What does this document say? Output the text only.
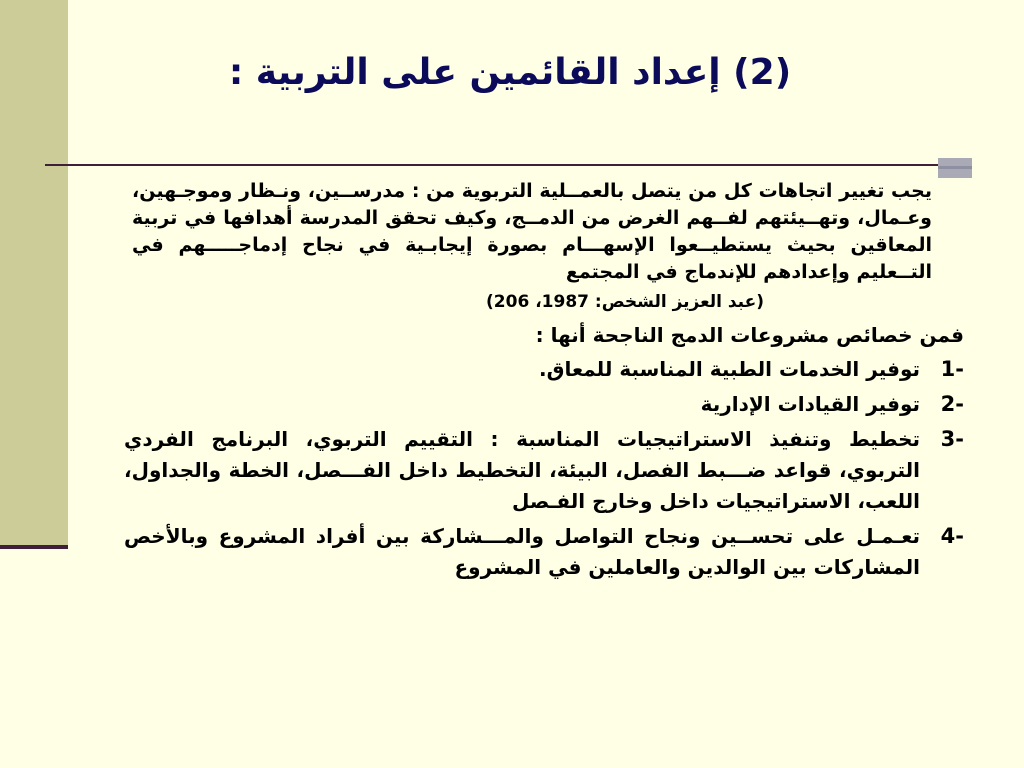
(2) إعداد القائمين على التربية :
يجب تغيير اتجاهات كل من يتصل بالعمــلية التربوية من : مدرســين، ونـظار وموجـهين، وعـمال، وتهــيئتهم لفــهم الغرض من الدمــج، وكيف تحقق المدرسة أهدافها في تربية المعاقين بحيث يستطيــعوا الإسهـــام بصورة إيجابـية في نجاح إدماجـــــهم في التــعليم وإعدادهم للإندماج في المجتمع
(عبد العزيز الشخص: 1987، 206)
فمن خصائص مشروعات الدمج الناجحة أنها :
1-
توفير الخدمات الطبية المناسبة للمعاق.
2-
توفير القيادات الإدارية
3-
تخطيط وتنفيذ الاستراتيجيات المناسبة : التقييم التربوي، البرنامج الفردي التربوي، قواعد ضـــبط الفصل، البيئة، التخطيط داخل الفـــصل، الخطة والجداول، اللعب، الاستراتيجيات داخل وخارج الفـصل
4-
تعـمـل على تحســين ونجاح التواصل والمـــشاركة بين أفراد المشروع وبالأخص المشاركات بين الوالدين والعاملين في المشروع
